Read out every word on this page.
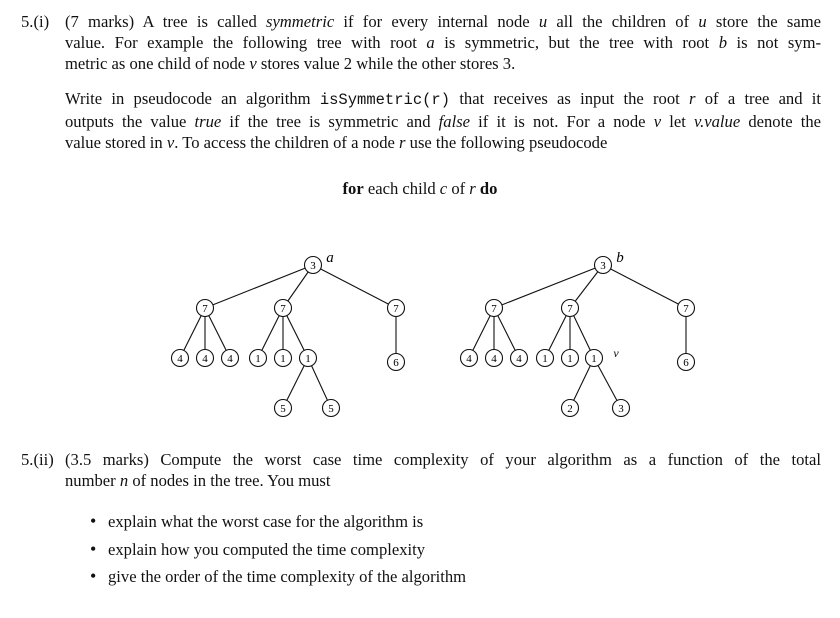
5.(i) (7 marks) A tree is called symmetric if for every internal node u all the children of u store the same
value. For example the following tree with root a is symmetric, but the tree with root b is not sym-
metric as one child of node v stores value 2 while the other stores 3.
Write in pseudocode an algorithm isSymmetric(r) that receives as input the root r of a tree and it
outputs the value true if the tree is symmetric and false if it is not. For a node v let v.value denote the
value stored in v. To access the children of a node r use the following pseudocode
for each child c of r do
3 a
7	7	7
4 4 4 1 1 1	6
5	5
3 b
7	7	7
4 4 4 1 1 1 v
6
2	3
5.(ii) (3.5 marks) Compute the worst case time complexity of your algorithm as a function of the total
number n of nodes in the tree. You must
• explain what the worst case for the algorithm is
• explain how you computed the time complexity
• give the order of the time complexity of the algorithm
